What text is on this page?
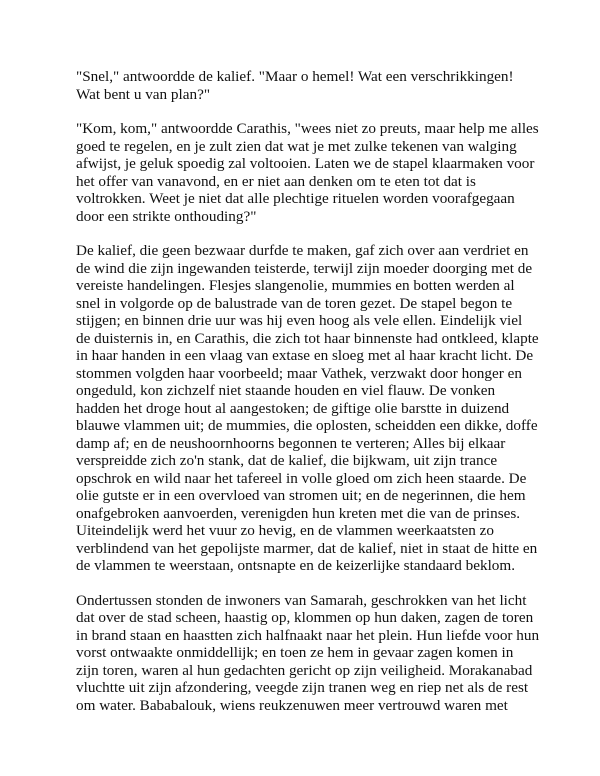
"Snel," antwoordde de kalief. "Maar o hemel! Wat een verschrikkingen!
Wat bent u van plan?"
"Kom, kom," antwoordde Carathis, "wees niet zo preuts, maar help me alles
goed te regelen, en je zult zien dat wat je met zulke tekenen van walging
afwijst, je geluk spoedig zal voltooien. Laten we de stapel klaarmaken voor
het offer van vanavond, en er niet aan denken om te eten tot dat is
voltrokken. Weet je niet dat alle plechtige rituelen worden voorafgegaan
door een strikte onthouding?"
De kalief, die geen bezwaar durfde te maken, gaf zich over aan verdriet en
de wind die zijn ingewanden teisterde, terwijl zijn moeder doorging met de
vereiste handelingen. Flesjes slangenolie, mummies en botten werden al
snel in volgorde op de balustrade van de toren gezet. De stapel begon te
stijgen; en binnen drie uur was hij even hoog als vele ellen. Eindelijk viel
de duisternis in, en Carathis, die zich tot haar binnenste had ontkleed, klapte
in haar handen in een vlaag van extase en sloeg met al haar kracht licht. De
stommen volgden haar voorbeeld; maar Vathek, verzwakt door honger en
ongeduld, kon zichzelf niet staande houden en viel flauw. De vonken
hadden het droge hout al aangestoken; de giftige olie barstte in duizend
blauwe vlammen uit; de mummies, die oplosten, scheidden een dikke, doffe
damp af; en de neushoornhoorns begonnen te verteren; Alles bij elkaar
verspreidde zich zo'n stank, dat de kalief, die bijkwam, uit zijn trance
opschrok en wild naar het tafereel in volle gloed om zich heen staarde. De
olie gutste er in een overvloed van stromen uit; en de negerinnen, die hem
onafgebroken aanvoerden, verenigden hun kreten met die van de prinses.
Uiteindelijk werd het vuur zo hevig, en de vlammen weerkaatsten zo
verblindend van het gepolijste marmer, dat de kalief, niet in staat de hitte en
de vlammen te weerstaan, ontsnapte en de keizerlijke standaard beklom.
Ondertussen stonden de inwoners van Samarah, geschrokken van het licht
dat over de stad scheen, haastig op, klommen op hun daken, zagen de toren
in brand staan en haastten zich halfnaakt naar het plein. Hun liefde voor hun
vorst ontwaakte onmiddellijk; en toen ze hem in gevaar zagen komen in
zijn toren, waren al hun gedachten gericht op zijn veiligheid. Morakanabad
vluchtte uit zijn afzondering, veegde zijn tranen weg en riep net als de rest
om water. Bababalouk, wiens reukzenuwen meer vertrouwd waren met
